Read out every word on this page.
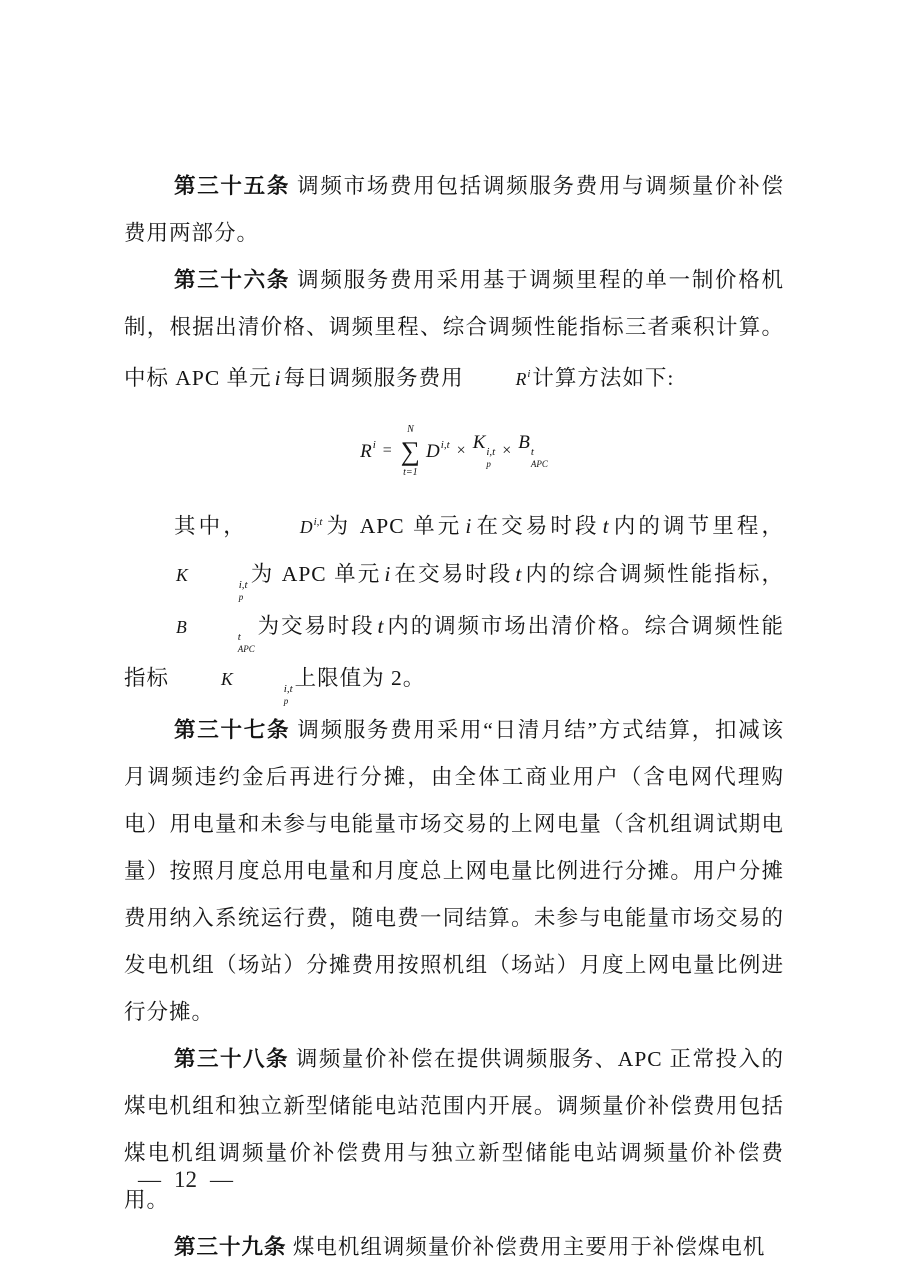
第三十五条 调频市场费用包括调频服务费用与调频量价补偿费用两部分。

第三十六条 调频服务费用采用基于调频里程的单一制价格机制，根据出清价格、调频里程、综合调频性能指标三者乘积计算。中标 APC 单元 i 每日调频服务费用	$R^i$计算方法如下:

$R^i$ =
N
∑
t=1
D$^{i,t}$ × K i,t
p
× B t
APC

其中，	D$^{i,t}$为 APC 单元 i 在交易时段 t 内的调节里程，K	i,t
p
为 APC 单元 i 在交易时段 t 内的综合调频性能指标，B	t
APC
为交易时段 t 内的调频市场出清价格。综合调频性能指标	K	i,t
p
上限值为 2。

第三十七条 调频服务费用采用“日清月结”方式结算，扣减该月调频违约金后再进行分摊，由全体工商业用户（含电网代理购电）用电量和未参与电能量市场交易的上网电量（含机组调试期电量）按照月度总用电量和月度总上网电量比例进行分摊。用户分摊费用纳入系统运行费，随电费一同结算。未参与电能量市场交易的发电机组（场站）分摊费用按照机组（场站）月度上网电量比例进行分摊。

第三十八条 调频量价补偿在提供调频服务、APC 正常投入的煤电机组和独立新型储能电站范围内开展。调频量价补偿费用包括煤电机组调频量价补偿费用与独立新型储能电站调频量价补偿费用。

第三十九条 煤电机组调频量价补偿费用主要用于补偿煤电机

— 12 —
